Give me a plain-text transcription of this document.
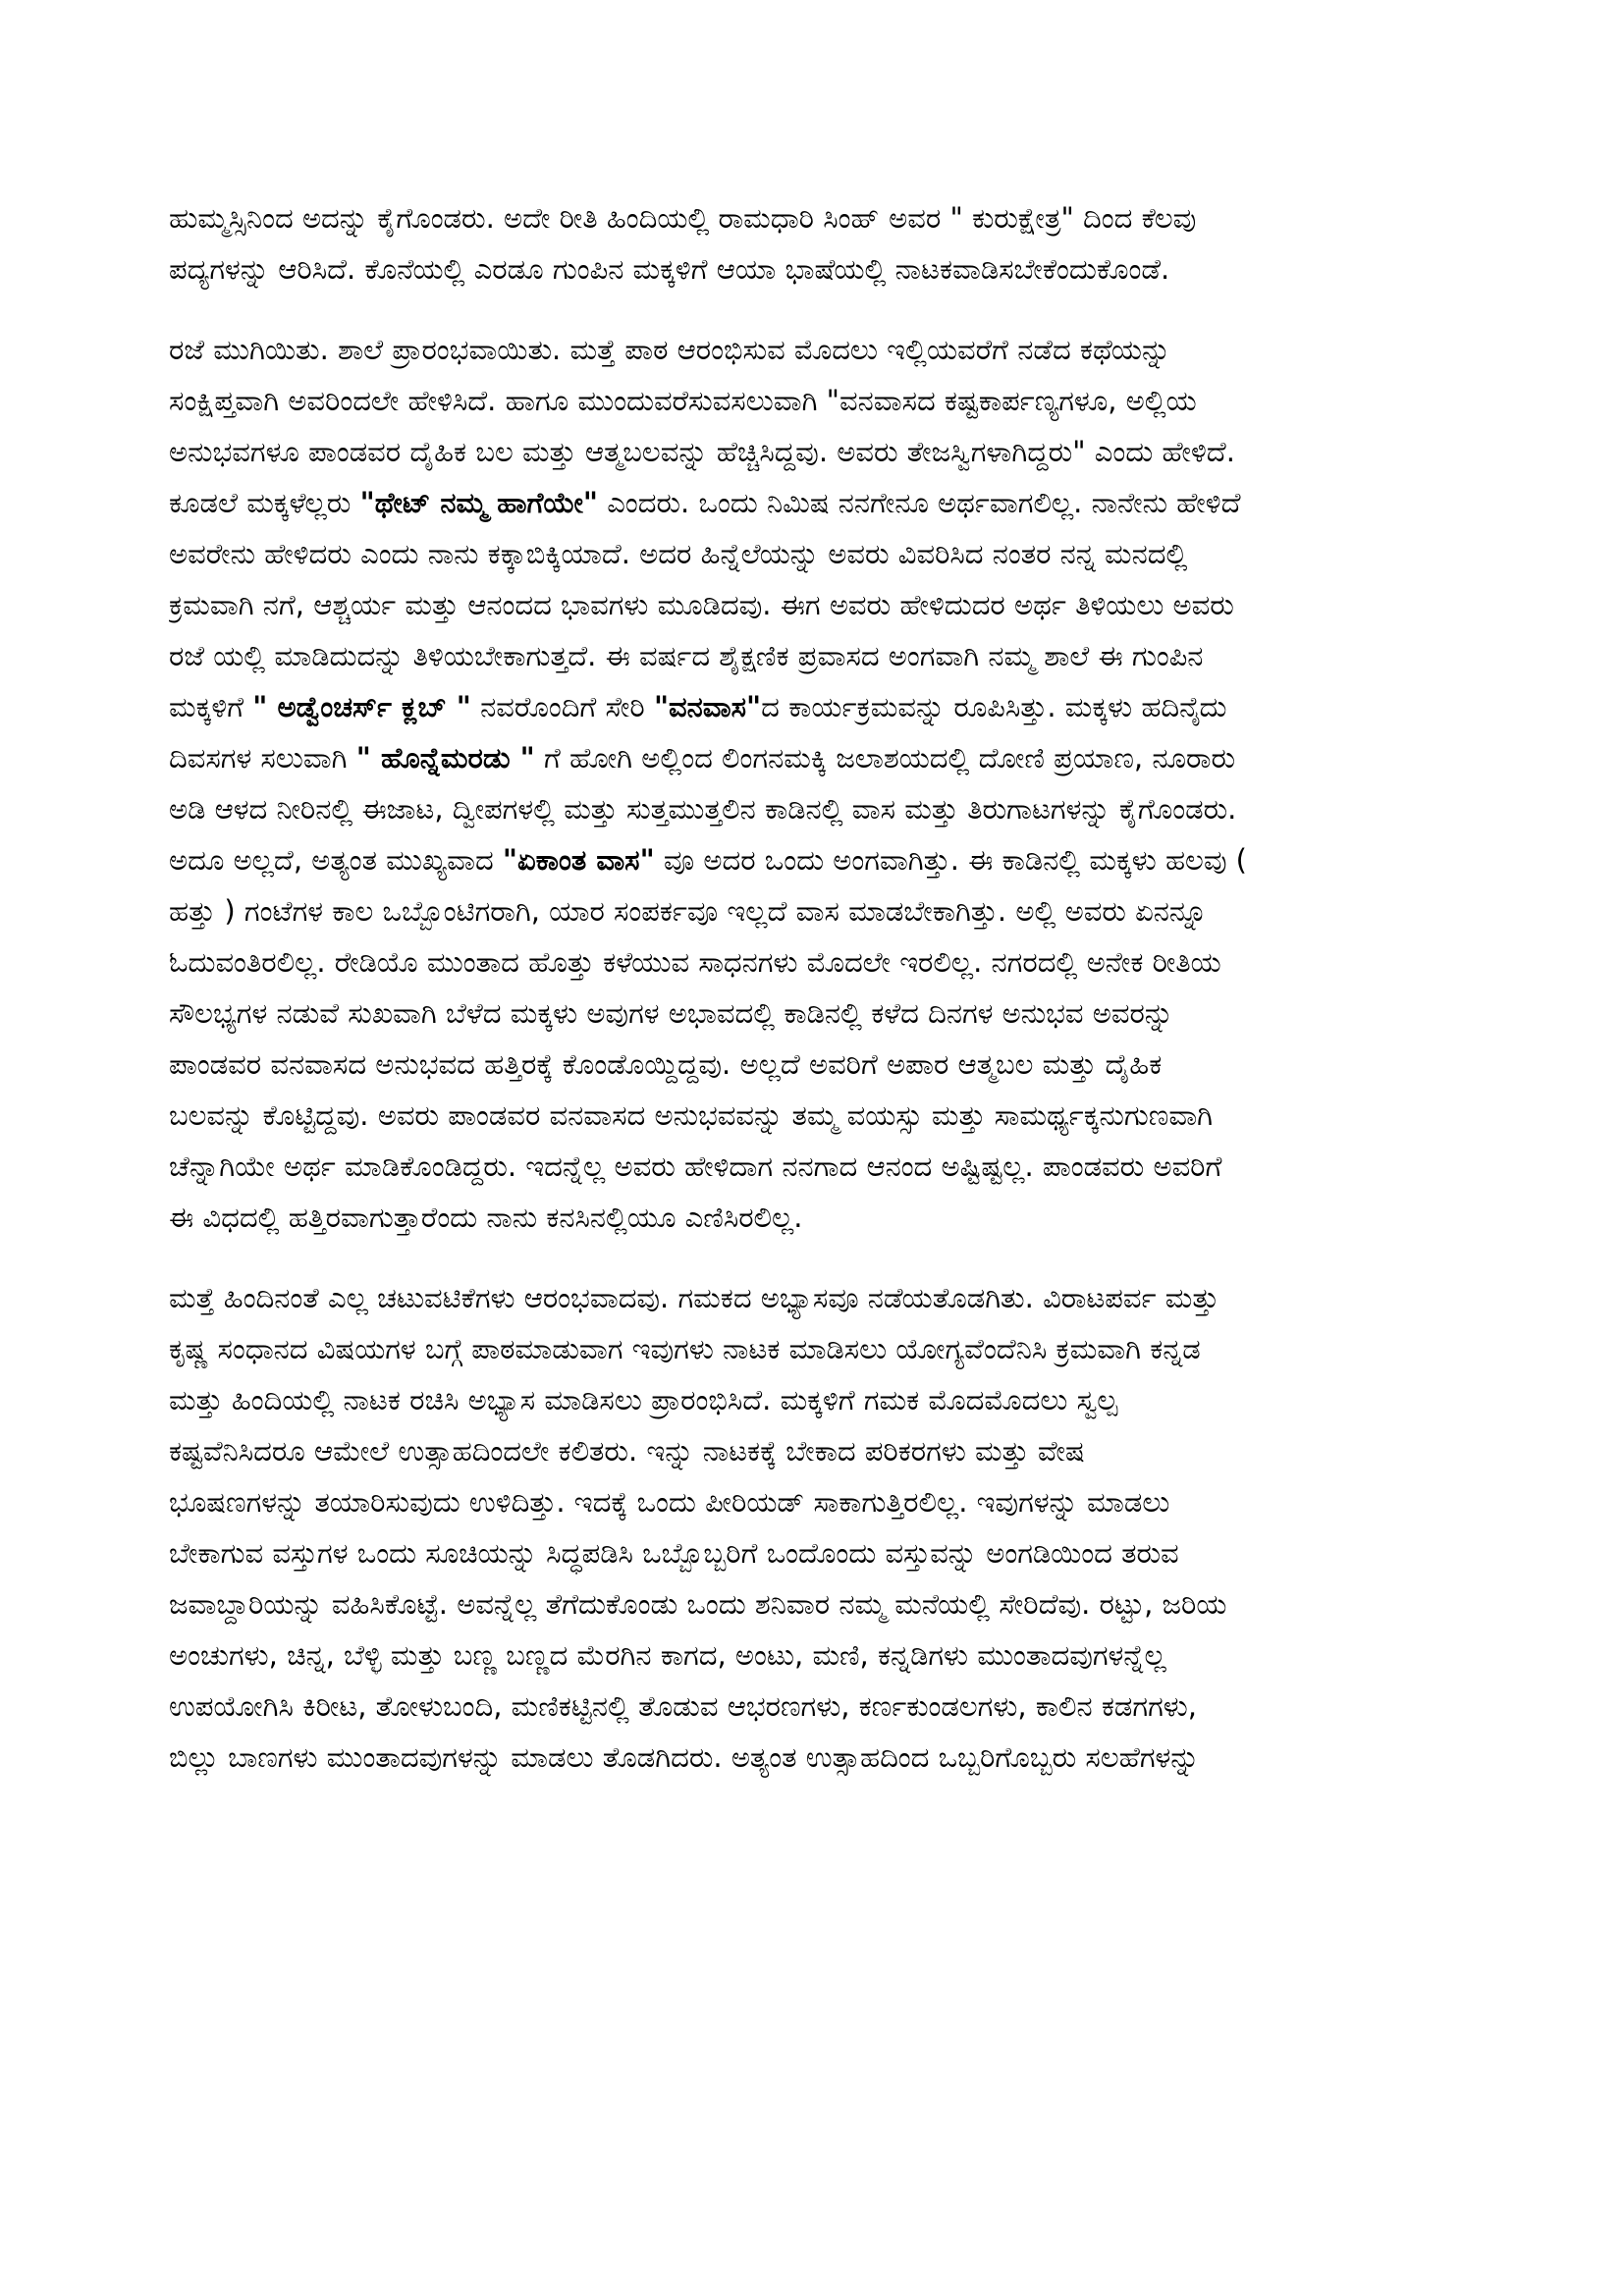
ಹುಮ್ಮಸ್ಸಿನಿಂದ ಅದನ್ನು ಕೈಗೊಂಡರು. ಅದೇ ರೀತಿ ಹಿಂದಿಯಲ್ಲಿ ರಾಮಧಾರಿ ಸಿಂಹ್ ಅವರ " ಕುರುಕ್ಷೇತ್ರ" ದಿಂದ ಕೆಲವು
ಪದ್ಯಗಳನ್ನು ಆರಿಸಿದೆ. ಕೊನೆಯಲ್ಲಿ ಎರಡೂ ಗುಂಪಿನ ಮಕ್ಕಳಿಗೆ ಆಯಾ ಭಾಷೆಯಲ್ಲಿ ನಾಟಕವಾಡಿಸಬೇಕೆಂದುಕೊಂಡೆ.
ರಜೆ ಮುಗಿಯಿತು. ಶಾಲೆ ಪ್ರಾರಂಭವಾಯಿತು. ಮತ್ತೆ ಪಾಠ ಆರಂಭಿಸುವ ಮೊದಲು ಇಲ್ಲಿಯವರೆಗೆ ನಡೆದ ಕಥೆಯನ್ನು
ಸಂಕ್ಷಿಪ್ತವಾಗಿ ಅವರಿಂದಲೇ ಹೇಳಿಸಿದೆ. ಹಾಗೂ ಮುಂದುವರೆಸುವಸಲುವಾಗಿ "ವನವಾಸದ ಕಷ್ಟಕಾರ್ಪಣ್ಯಗಳೂ, ಅಲ್ಲಿಯ
ಅನುಭವಗಳೂ ಪಾಂಡವರ ದೈಹಿಕ ಬಲ ಮತ್ತು ಆತ್ಮಬಲವನ್ನು ಹೆಚ್ಚಿಸಿದ್ದವು. ಅವರು ತೇಜಸ್ವಿಗಳಾಗಿದ್ದರು" ಎಂದು ಹೇಳಿದೆ.
ಕೂಡಲೆ ಮಕ್ಕಳೆಲ್ಲರು "ಥೇಟ್ ನಮ್ಮ ಹಾಗೆಯೇ" ಎಂದರು. ಒಂದು ನಿಮಿಷ ನನಗೇನೂ ಅರ್ಥವಾಗಲಿಲ್ಲ. ನಾನೇನು ಹೇಳಿದೆ
ಅವರೇನು ಹೇಳಿದರು ಎಂದು ನಾನು ಕಕ್ಕಾಬಿಕ್ಕಿಯಾದೆ. ಅದರ ಹಿನ್ನೆಲೆಯನ್ನು ಅವರು ವಿವರಿಸಿದ ನಂತರ ನನ್ನ ಮನದಲ್ಲಿ
ಕ್ರಮವಾಗಿ ನಗೆ, ಆಶ್ಚರ್ಯ ಮತ್ತು ಆನಂದದ ಭಾವಗಳು ಮೂಡಿದವು. ಈಗ ಅವರು ಹೇಳಿದುದರ ಅರ್ಥ ತಿಳಿಯಲು ಅವರು
ರಜೆ ಯಲ್ಲಿ ಮಾಡಿದುದನ್ನು ತಿಳಿಯಬೇಕಾಗುತ್ತದೆ. ಈ ವರ್ಷದ ಶೈಕ್ಷಣಿಕ ಪ್ರವಾಸದ ಅಂಗವಾಗಿ ನಮ್ಮ ಶಾಲೆ ಈ ಗುಂಪಿನ
ಮಕ್ಕಳಿಗೆ " ಅಡ್ವೆಂಚರ್ಸ್ ಕ್ಲಬ್ " ನವರೊಂದಿಗೆ ಸೇರಿ "ವನವಾಸ"ದ ಕಾರ್ಯಕ್ರಮವನ್ನು ರೂಪಿಸಿತ್ತು. ಮಕ್ಕಳು ಹದಿನೈದು
ದಿವಸಗಳ ಸಲುವಾಗಿ " ಹೊನ್ನೆಮರಡು " ಗೆ ಹೋಗಿ ಅಲ್ಲಿಂದ ಲಿಂಗನಮಕ್ಕಿ ಜಲಾಶಯದಲ್ಲಿ ದೋಣಿ ಪ್ರಯಾಣ, ನೂರಾರು
ಅಡಿ ಆಳದ ನೀರಿನಲ್ಲಿ ಈಜಾಟ, ದ್ವೀಪಗಳಲ್ಲಿ ಮತ್ತು ಸುತ್ತಮುತ್ತಲಿನ ಕಾಡಿನಲ್ಲಿ ವಾಸ ಮತ್ತು ತಿರುಗಾಟಗಳನ್ನು ಕೈಗೊಂಡರು.
ಅದೂ ಅಲ್ಲದೆ, ಅತ್ಯಂತ ಮುಖ್ಯವಾದ "ಏಕಾಂತ ವಾಸ" ವೂ ಅದರ ಒಂದು ಅಂಗವಾಗಿತ್ತು. ಈ ಕಾಡಿನಲ್ಲಿ ಮಕ್ಕಳು ಹಲವು (
ಹತ್ತು ) ಗಂಟೆಗಳ ಕಾಲ ಒಬ್ಬೊಂಟಿಗರಾಗಿ, ಯಾರ ಸಂಪರ್ಕವೂ ಇಲ್ಲದೆ ವಾಸ ಮಾಡಬೇಕಾಗಿತ್ತು. ಅಲ್ಲಿ ಅವರು ಏನನ್ನೂ
ಓದುವಂತಿರಲಿಲ್ಲ. ರೇಡಿಯೊ ಮುಂತಾದ ಹೊತ್ತು ಕಳೆಯುವ ಸಾಧನಗಳು ಮೊದಲೇ ಇರಲಿಲ್ಲ. ನಗರದಲ್ಲಿ ಅನೇಕ ರೀತಿಯ
ಸೌಲಭ್ಯಗಳ ನಡುವೆ ಸುಖವಾಗಿ ಬೆಳೆದ ಮಕ್ಕಳು ಅವುಗಳ ಅಭಾವದಲ್ಲಿ ಕಾಡಿನಲ್ಲಿ ಕಳೆದ ದಿನಗಳ ಅನುಭವ ಅವರನ್ನು
ಪಾಂಡವರ ವನವಾಸದ ಅನುಭವದ ಹತ್ತಿರಕ್ಕೆ ಕೊಂಡೊಯ್ದಿದ್ದವು. ಅಲ್ಲದೆ ಅವರಿಗೆ ಅಪಾರ ಆತ್ಮಬಲ ಮತ್ತು ದೈಹಿಕ
ಬಲವನ್ನು ಕೊಟ್ಟಿದ್ದವು. ಅವರು ಪಾಂಡವರ ವನವಾಸದ ಅನುಭವವನ್ನು ತಮ್ಮ ವಯಸ್ಸು ಮತ್ತು ಸಾಮರ್ಥ್ಯಕ್ಕನುಗುಣವಾಗಿ
ಚೆನ್ನಾಗಿಯೇ ಅರ್ಥ ಮಾಡಿಕೊಂಡಿದ್ದರು. ಇದನ್ನೆಲ್ಲ ಅವರು ಹೇಳಿದಾಗ ನನಗಾದ ಆನಂದ ಅಷ್ಟಿಷ್ಟಲ್ಲ. ಪಾಂಡವರು ಅವರಿಗೆ
ಈ ವಿಧದಲ್ಲಿ ಹತ್ತಿರವಾಗುತ್ತಾರೆಂದು ನಾನು ಕನಸಿನಲ್ಲಿಯೂ ಎಣಿಸಿರಲಿಲ್ಲ.
ಮತ್ತೆ ಹಿಂದಿನಂತೆ ಎಲ್ಲ ಚಟುವಟಿಕೆಗಳು ಆರಂಭವಾದವು. ಗಮಕದ ಅಭ್ಯಾಸವೂ ನಡೆಯತೊಡಗಿತು. ವಿರಾಟಪರ್ವ ಮತ್ತು
ಕೃಷ್ಣ ಸಂಧಾನದ ವಿಷಯಗಳ ಬಗ್ಗೆ ಪಾಠಮಾಡುವಾಗ ಇವುಗಳು ನಾಟಕ ಮಾಡಿಸಲು ಯೋಗ್ಯವೆಂದೆನಿಸಿ ಕ್ರಮವಾಗಿ ಕನ್ನಡ
ಮತ್ತು ಹಿಂದಿಯಲ್ಲಿ ನಾಟಕ ರಚಿಸಿ ಅಭ್ಯಾಸ ಮಾಡಿಸಲು ಪ್ರಾರಂಭಿಸಿದೆ. ಮಕ್ಕಳಿಗೆ ಗಮಕ ಮೊದಮೊದಲು ಸ್ವಲ್ಪ
ಕಷ್ಟವೆನಿಸಿದರೂ ಆಮೇಲೆ ಉತ್ಸಾಹದಿಂದಲೇ ಕಲಿತರು. ಇನ್ನು ನಾಟಕಕ್ಕೆ ಬೇಕಾದ ಪರಿಕರಗಳು ಮತ್ತು ವೇಷ
ಭೂಷಣಗಳನ್ನು ತಯಾರಿಸುವುದು ಉಳಿದಿತ್ತು. ಇದಕ್ಕೆ ಒಂದು ಪೀರಿಯಡ್ ಸಾಕಾಗುತ್ತಿರಲಿಲ್ಲ. ಇವುಗಳನ್ನು ಮಾಡಲು
ಬೇಕಾಗುವ ವಸ್ತುಗಳ ಒಂದು ಸೂಚಿಯನ್ನು ಸಿದ್ಧಪಡಿಸಿ ಒಬ್ಬೊಬ್ಬರಿಗೆ ಒಂದೊಂದು ವಸ್ತುವನ್ನು ಅಂಗಡಿಯಿಂದ ತರುವ
ಜವಾಬ್ದಾರಿಯನ್ನು ವಹಿಸಿಕೊಟ್ಟೆ. ಅವನ್ನೆಲ್ಲ ತೆಗೆದುಕೊಂಡು ಒಂದು ಶನಿವಾರ ನಮ್ಮ ಮನೆಯಲ್ಲಿ ಸೇರಿದೆವು. ರಟ್ಟು, ಜರಿಯ
ಅಂಚುಗಳು, ಚಿನ್ನ, ಬೆಳ್ಳಿ ಮತ್ತು ಬಣ್ಣ ಬಣ್ಣದ ಮೆರಗಿನ ಕಾಗದ, ಅಂಟು, ಮಣಿ, ಕನ್ನಡಿಗಳು ಮುಂತಾದವುಗಳನ್ನೆಲ್ಲ
ಉಪಯೋಗಿಸಿ ಕಿರೀಟ, ತೋಳುಬಂದಿ, ಮಣಿಕಟ್ಟಿನಲ್ಲಿ ತೊಡುವ ಆಭರಣಗಳು, ಕರ್ಣಕುಂಡಲಗಳು, ಕಾಲಿನ ಕಡಗಗಳು,
ಬಿಲ್ಲು ಬಾಣಗಳು ಮುಂತಾದವುಗಳನ್ನು ಮಾಡಲು ತೊಡಗಿದರು. ಅತ್ಯಂತ ಉತ್ಸಾಹದಿಂದ ಒಬ್ಬರಿಗೊಬ್ಬರು ಸಲಹೆಗಳನ್ನು
